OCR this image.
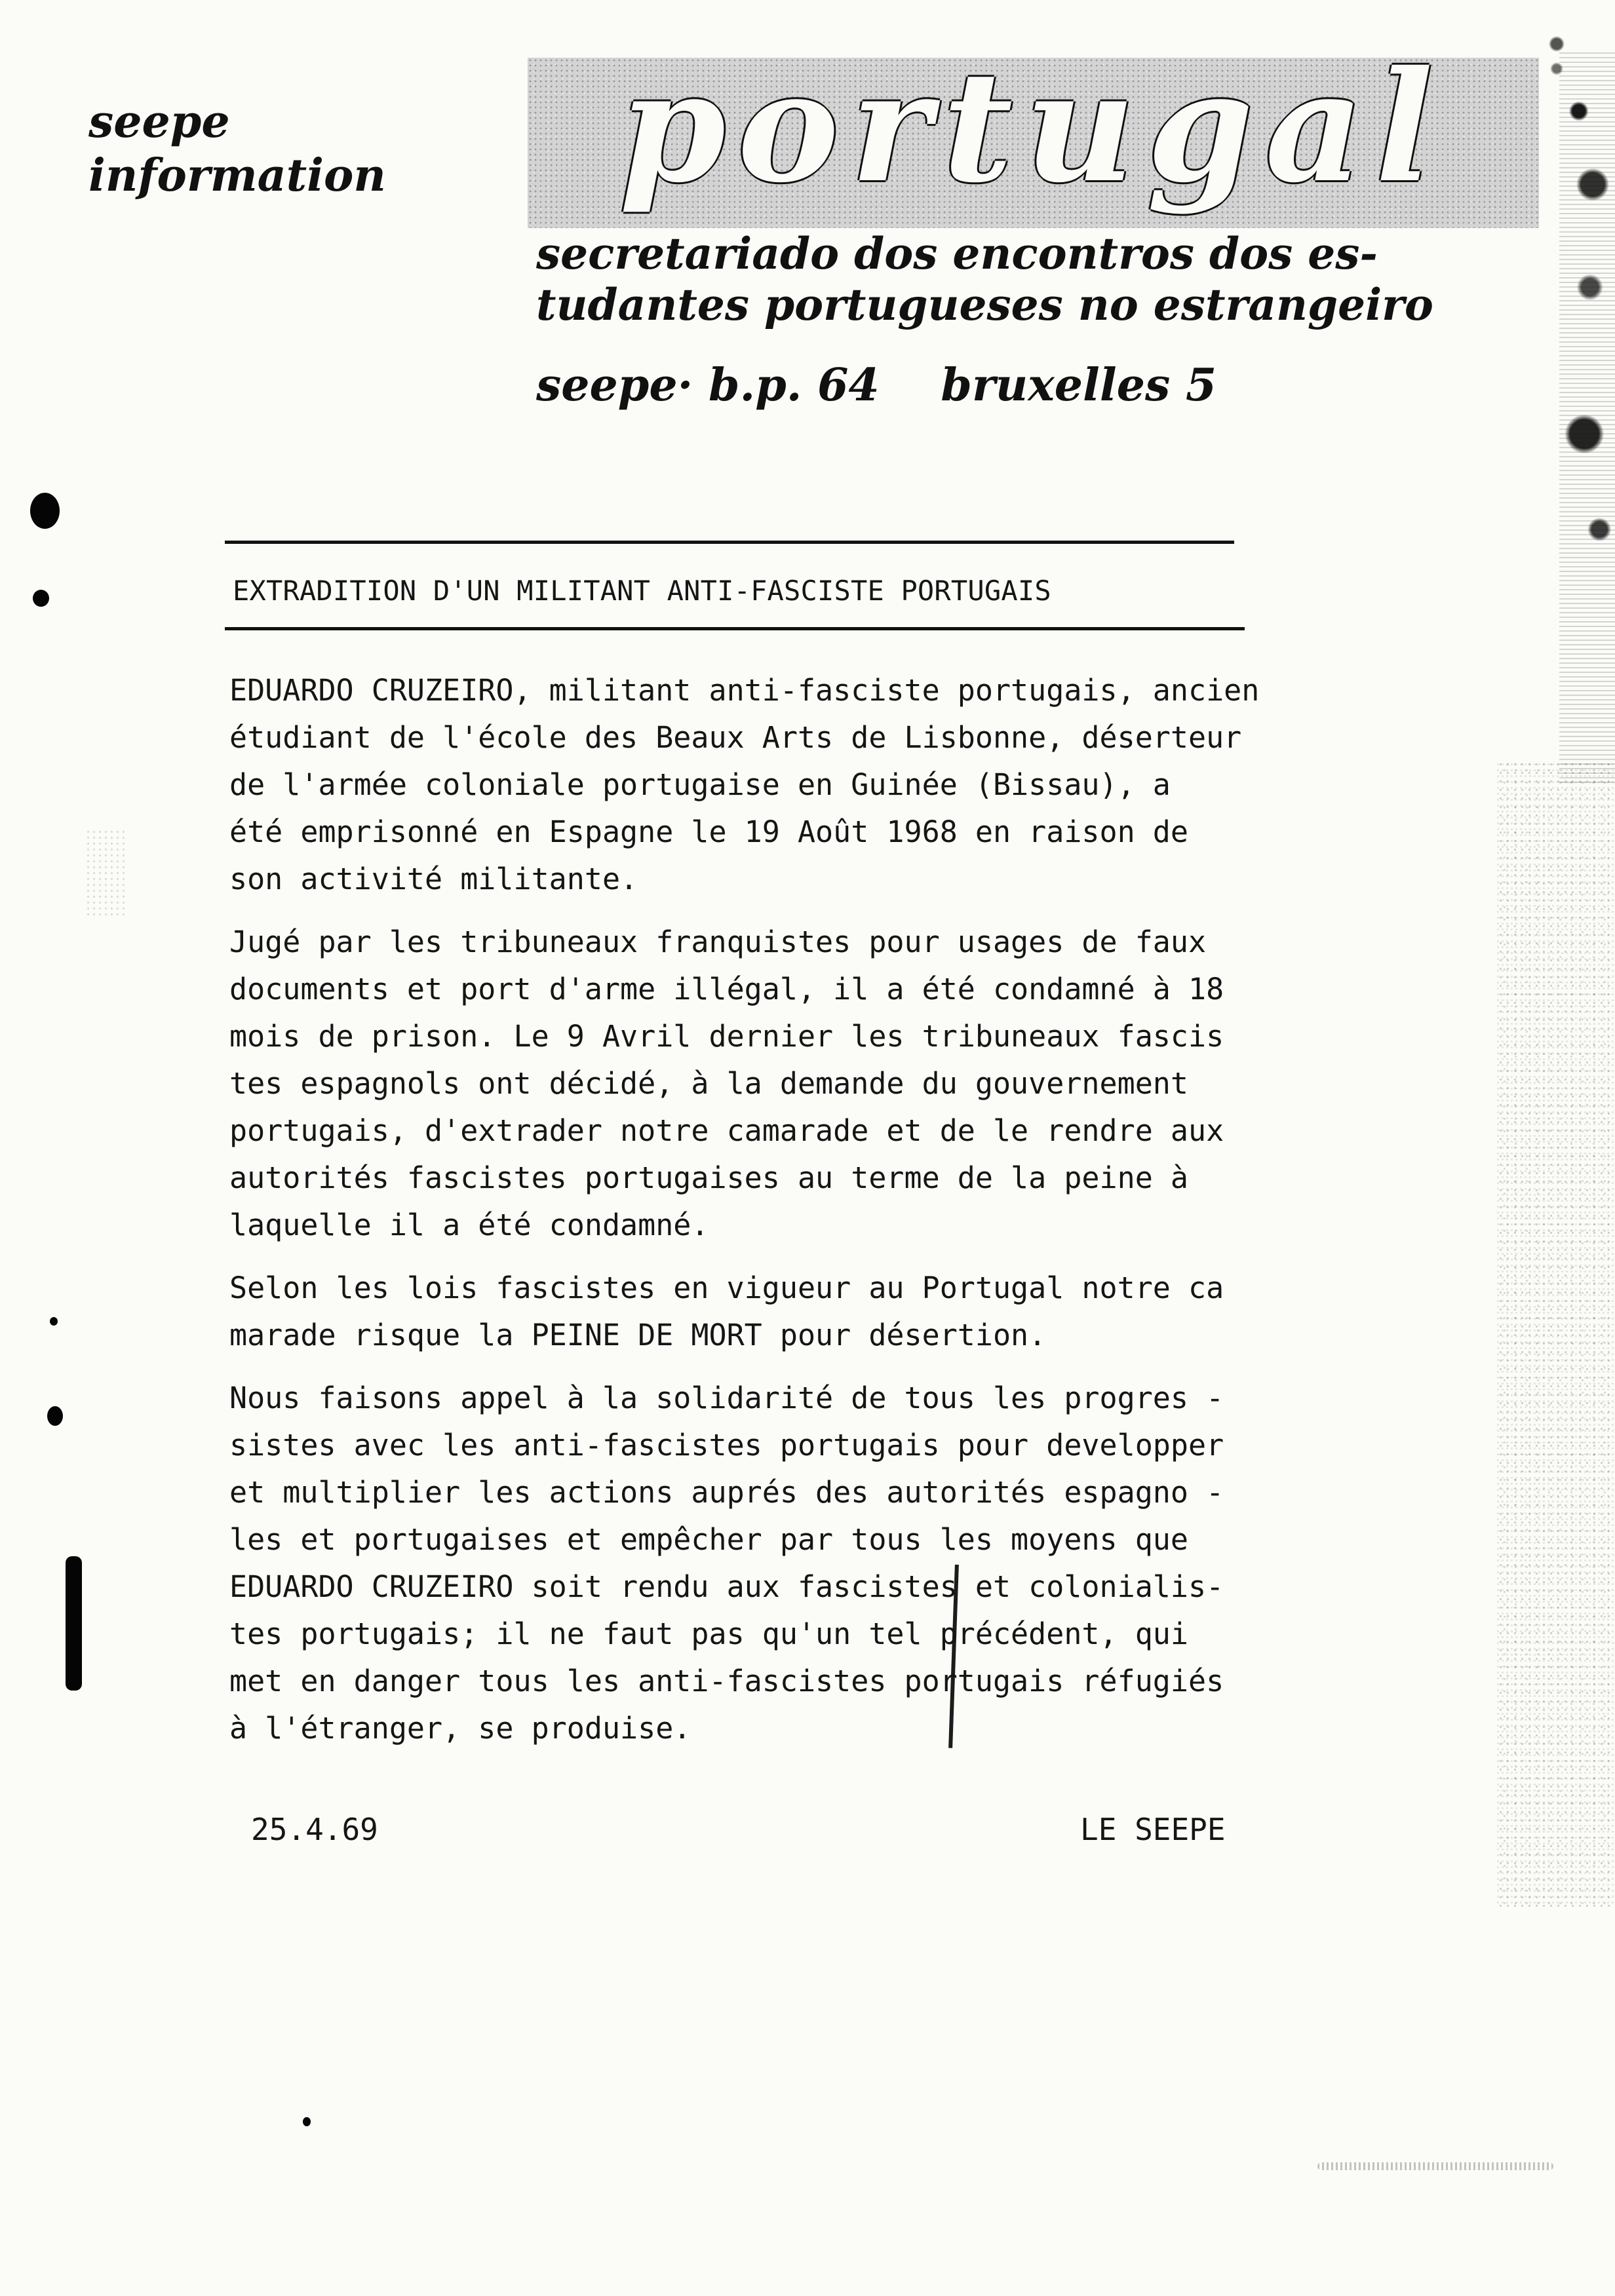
seepe
information	portugal
secretariado dos encontros dos es-
tudantes portugueses no estrangeiro
seepe· b.p. 64 bruxelles 5
EXTRADITION D'UN MILITANT ANTI-FASCISTE PORTUGAIS
EDUARDO CRUZEIRO, militant anti-fasciste portugais, ancien
étudiant de l'école des Beaux Arts de Lisbonne, déserteur
de l'armée coloniale portugaise en Guinée (Bissau), a
été emprisonné en Espagne le 19 Août 1968 en raison de
son activité militante.
Jugé par les tribuneaux franquistes pour usages de faux
documents et port d'arme illégal, il a été condamné à 18
mois de prison. Le 9 Avril dernier les tribuneaux fascis
tes espagnols ont décidé, à la demande du gouvernement
portugais, d'extrader notre camarade et de le rendre aux
autorités fascistes portugaises au terme de la peine à
laquelle il a été condamné.
Selon les lois fascistes en vigueur au Portugal notre ca
marade risque la PEINE DE MORT pour désertion.
Nous faisons appel à la solidarité de tous les progres -
sistes avec les anti-fascistes portugais pour developper
et multiplier les actions auprés des autorités espagno -
les et portugaises et empêcher par tous les moyens que
EDUARDO CRUZEIRO soit rendu aux fascistes et colonialis-
tes portugais; il ne faut pas qu'un tel précédent, qui
met en danger tous les anti-fascistes portugais réfugiés
à l'étranger, se produise.
25.4.69	LE SEEPE
